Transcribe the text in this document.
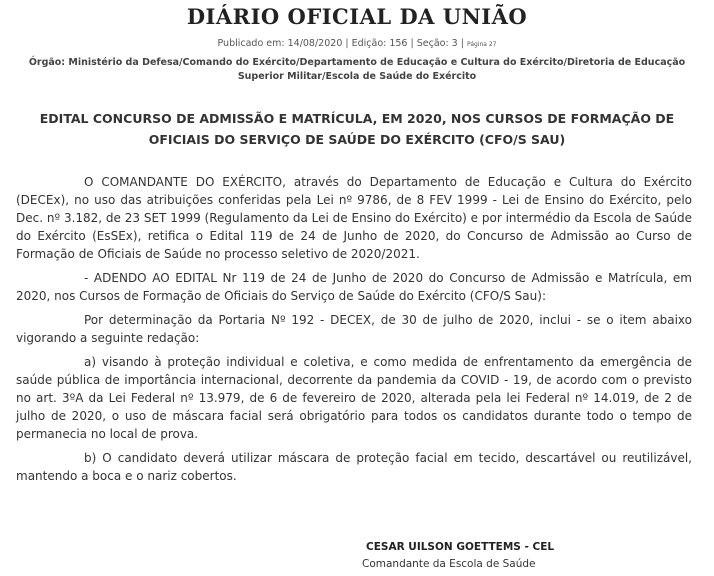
DIÁRIO OFICIAL DA UNIÃO
Publicado em: 14/08/2020 | Edição: 156 | Seção: 3 | Página 27
Órgão: Ministério da Defesa/Comando do Exército/Departamento de Educação e Cultura do Exército/Diretoria de Educação Superior Militar/Escola de Saúde do Exército
EDITAL CONCURSO DE ADMISSÃO E MATRÍCULA, EM 2020, NOS CURSOS DE FORMAÇÃO DE OFICIAIS DO SERVIÇO DE SAÚDE DO EXÉRCITO (CFO/S SAU)

O COMANDANTE DO EXÉRCITO, através do Departamento de Educação e Cultura do Exército (DECEx), no uso das atribuições conferidas pela Lei nº 9786, de 8 FEV 1999 - Lei de Ensino do Exército, pelo Dec. nº 3.182, de 23 SET 1999 (Regulamento da Lei de Ensino do Exército) e por intermédio da Escola de Saúde do Exército (EsSEx), retifica o Edital 119 de 24 de Junho de 2020, do Concurso de Admissão ao Curso de Formação de Oficiais de Saúde no processo seletivo de 2020/2021.

- ADENDO AO EDITAL Nr 119 de 24 de Junho de 2020 do Concurso de Admissão e Matrícula, em 2020, nos Cursos de Formação de Oficiais do Serviço de Saúde do Exército (CFO/S Sau):

Por determinação da Portaria Nº 192 - DECEX, de 30 de julho de 2020, inclui - se o item abaixo vigorando a seguinte redação:

a) visando à proteção individual e coletiva, e como medida de enfrentamento da emergência de saúde pública de importância internacional, decorrente da pandemia da COVID - 19, de acordo com o previsto no art. 3ºA da Lei Federal nº 13.979, de 6 de fevereiro de 2020, alterada pela lei Federal nº 14.019, de 2 de julho de 2020, o uso de máscara facial será obrigatório para todos os candidatos durante todo o tempo de permanecia no local de prova.

b) O candidato deverá utilizar máscara de proteção facial em tecido, descartável ou reutilizável, mantendo a boca e o nariz cobertos.

CESAR UILSON GOETTEMS - CEL
Comandante da Escola de Saúde
